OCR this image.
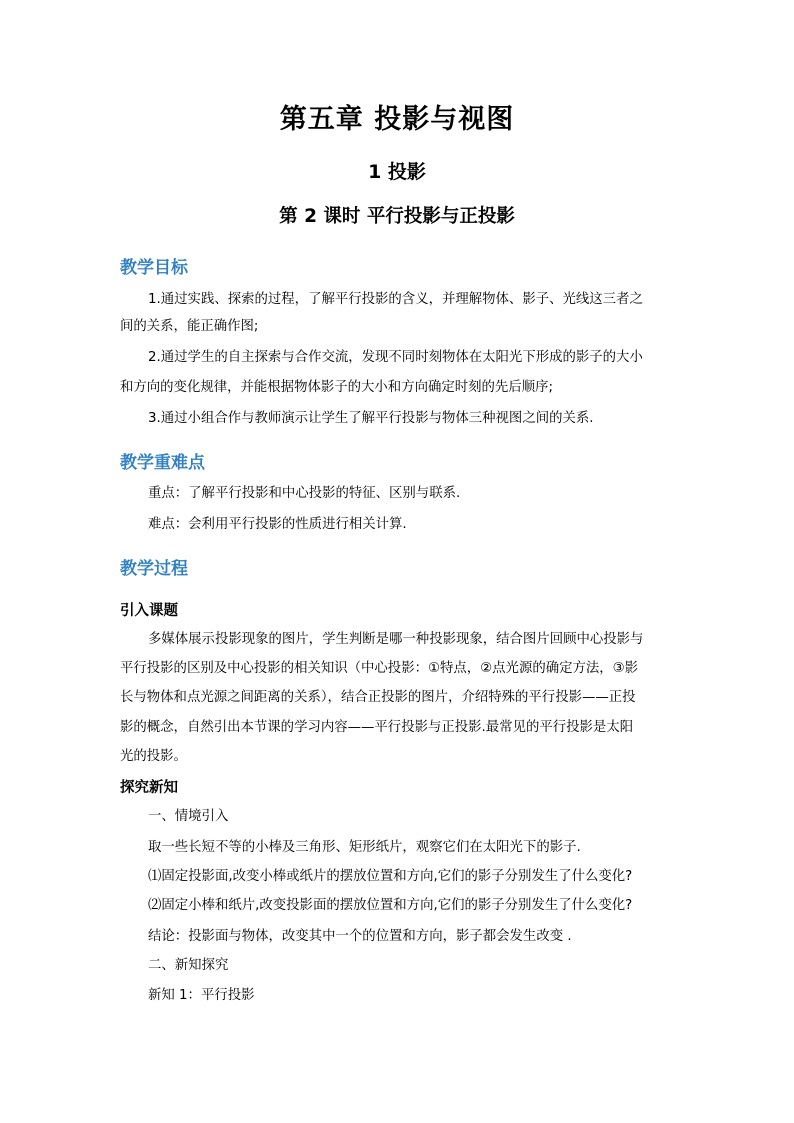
第五章 投影与视图
1 投影
第 2 课时 平行投影与正投影
教学目标
1.通过实践、探索的过程，了解平行投影的含义，并理解物体、影子、光线这三者之
间的关系，能正确作图;
2.通过学生的自主探索与合作交流，发现不同时刻物体在太阳光下形成的影子的大小
和方向的变化规律，并能根据物体影子的大小和方向确定时刻的先后顺序;
3.通过小组合作与教师演示让学生了解平行投影与物体三种视图之间的关系.
教学重难点
重点：了解平行投影和中心投影的特征、区别与联系.
难点：会利用平行投影的性质进行相关计算.
教学过程
引入课题
多媒体展示投影现象的图片，学生判断是哪一种投影现象，结合图片回顾中心投影与
平行投影的区别及中心投影的相关知识（中心投影：①特点，②点光源的确定方法，③影
长与物体和点光源之间距离的关系），结合正投影的图片，介绍特殊的平行投影——正投
影的概念，自然引出本节课的学习内容——平行投影与正投影.最常见的平行投影是太阳
光的投影。
探究新知
一、情境引入
取一些长短不等的小棒及三角形、矩形纸片，观察它们在太阳光下的影子.
⑴固定投影面,改变小棒或纸片的摆放位置和方向,它们的影子分别发生了什么变化?
⑵固定小棒和纸片,改变投影面的摆放位置和方向,它们的影子分别发生了什么变化?
结论：投影面与物体，改变其中一个的位置和方向，影子都会发生改变 .
二、新知探究
新知 1：平行投影
